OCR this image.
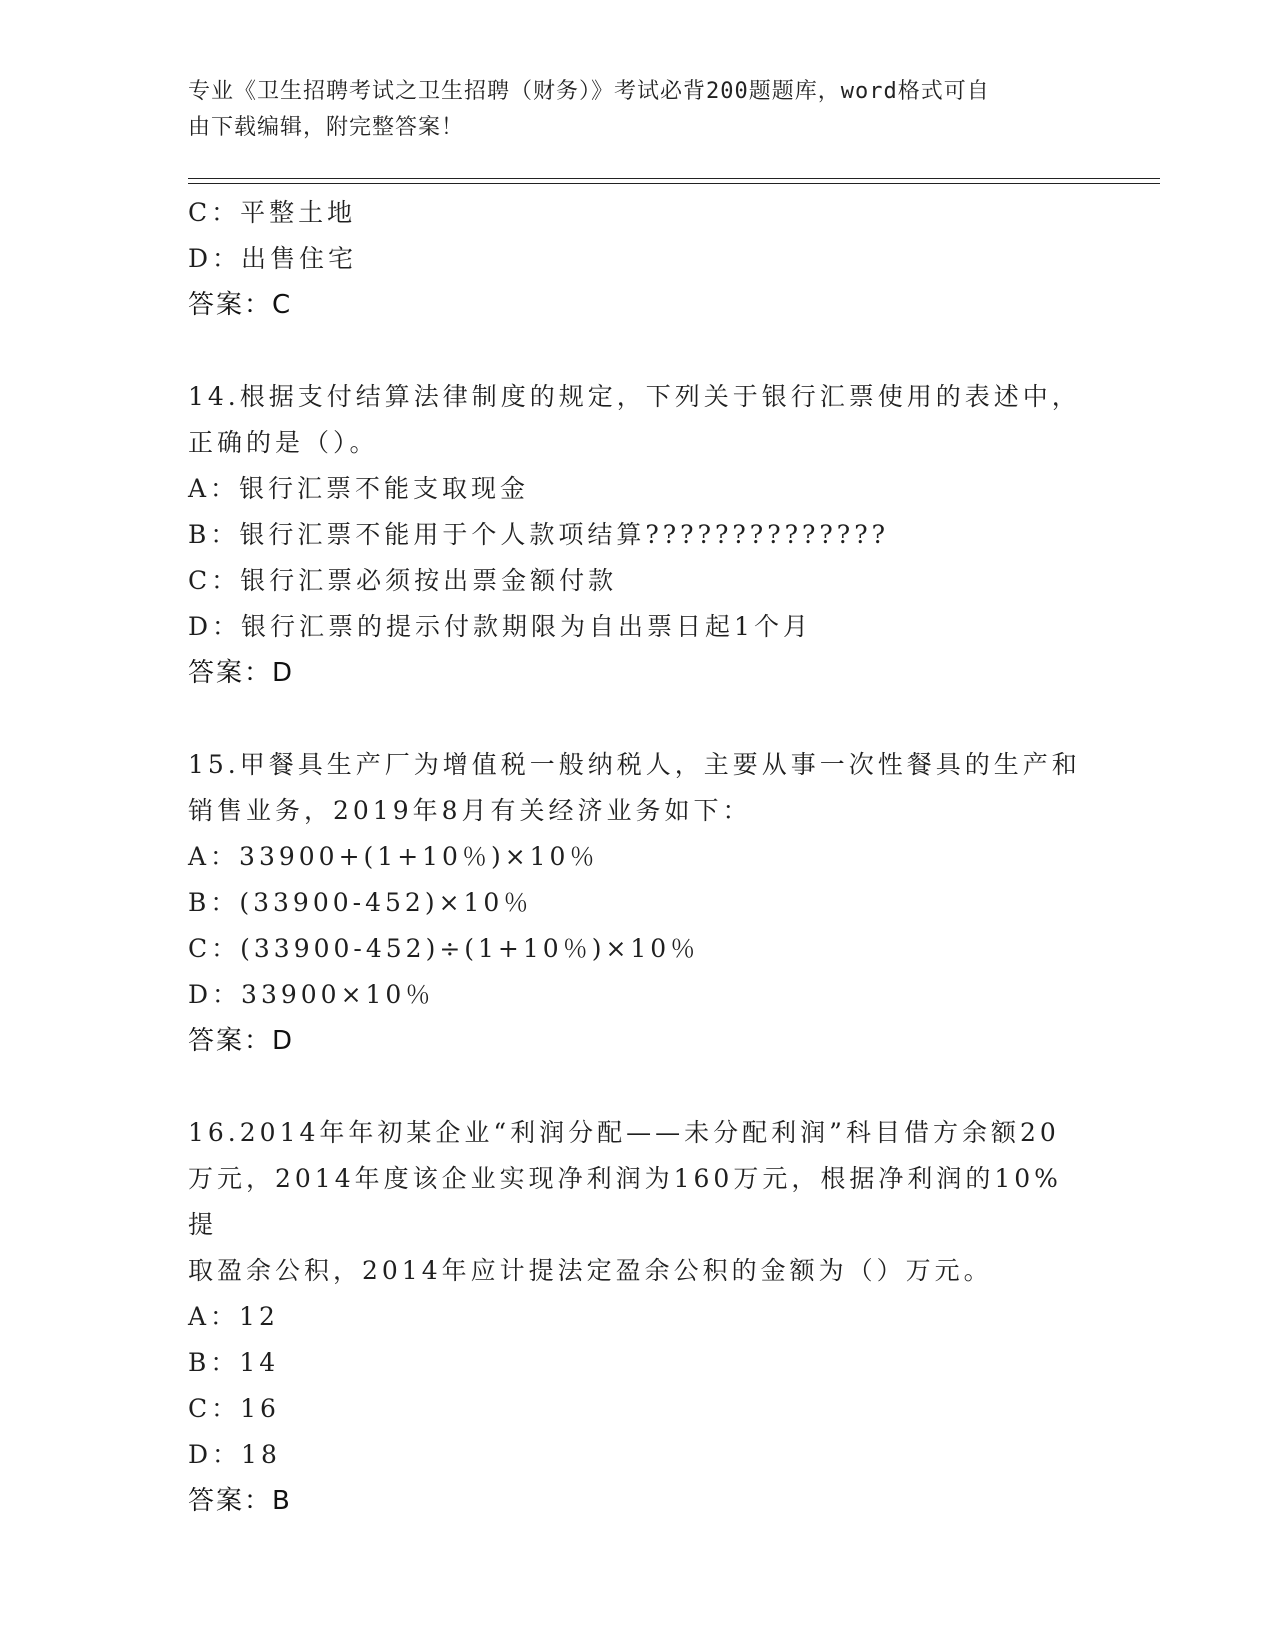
专业《卫生招聘考试之卫生招聘（财务）》考试必背200题题库，word格式可自
由下载编辑，附完整答案！
C：平整土地
D：出售住宅
答案：C
14.根据支付结算法律制度的规定，下列关于银行汇票使用的表述中，
正确的是（）。
A：银行汇票不能支取现金
B：银行汇票不能用于个人款项结算??????????????
C：银行汇票必须按出票金额付款
D：银行汇票的提示付款期限为自出票日起1个月
答案：D
15.甲餐具生产厂为增值税一般纳税人，主要从事一次性餐具的生产和
销售业务，2019年8月有关经济业务如下：
A：33900+(1+10％)×10％
B：(33900-452)×10％
C：(33900-452)÷(1+10％)×10％
D：33900×10％
答案：D
16.2014年年初某企业“利润分配——未分配利润”科目借方余额20
万元，2014年度该企业实现净利润为160万元，根据净利润的10%提
取盈余公积，2014年应计提法定盈余公积的金额为（）万元。
A：12
B：14
C：16
D：18
答案：B
